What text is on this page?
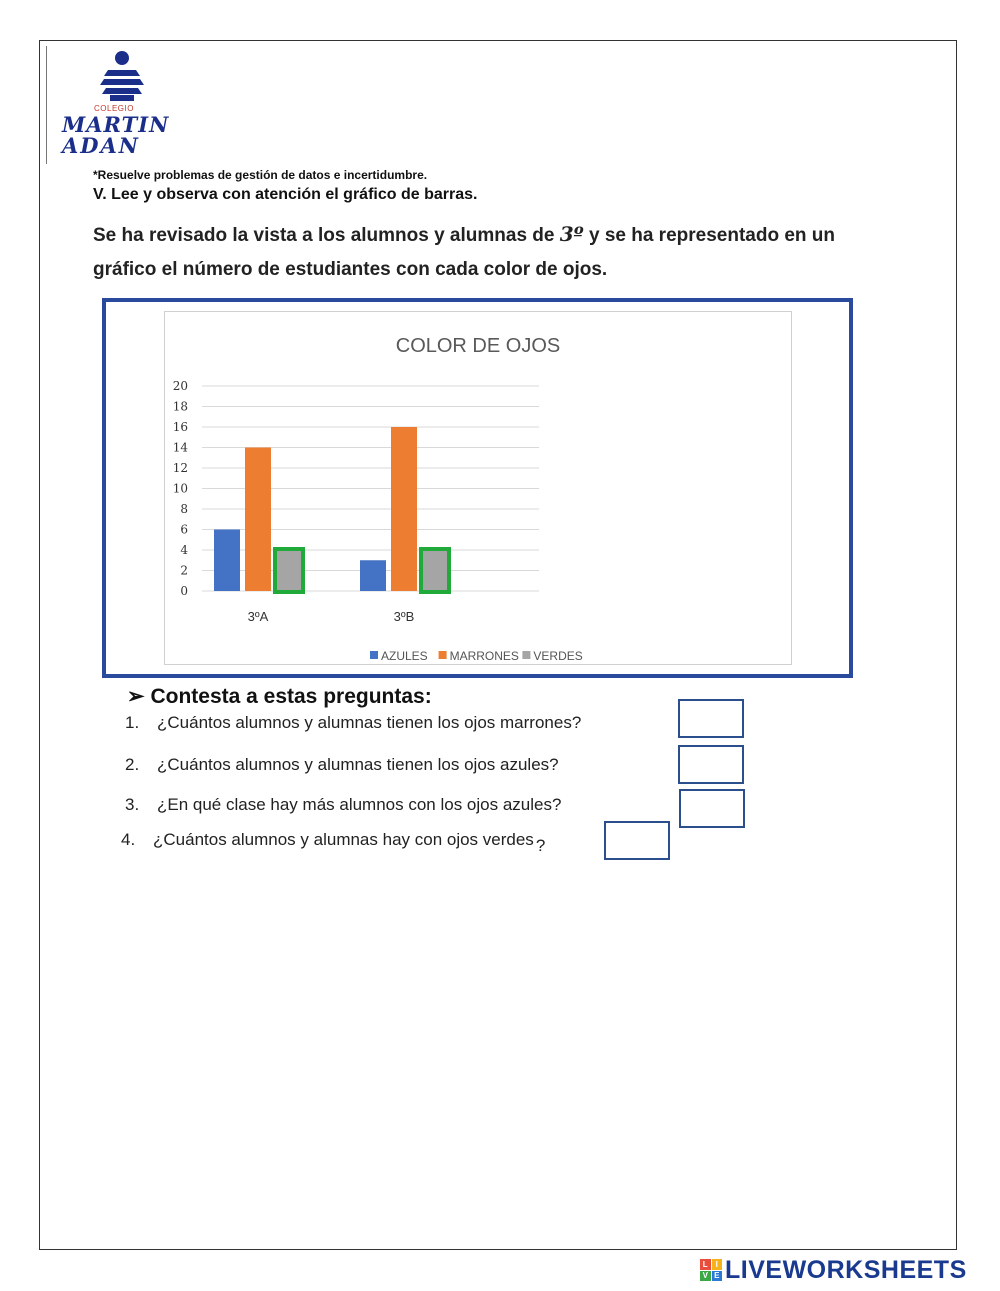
COLEGIO
MARTIN
ADAN
*Resuelve problemas de gestión de datos e incertidumbre.
V. Lee y observa con atención el gráfico de barras.
Se ha revisado la vista a los alumnos y alumnas de 3º y se ha representado en un
gráfico el número de estudiantes con cada color de ojos.
COLOR DE OJOS
0
2
4
6
8
10
12
14
16
18
20
3ºA	3ºB
AZULES MARRONES VERDES
➢ Contesta a estas preguntas:
1. ¿Cuántos alumnos y alumnas tienen los ojos marrones?
2. ¿Cuántos alumnos y alumnas tienen los ojos azules?
3. ¿En qué clase hay más alumnos con los ojos azules?
4. ¿Cuántos alumnos y alumnas hay con ojos verdes ?
L I
V E LIVEWORKSHEETS
